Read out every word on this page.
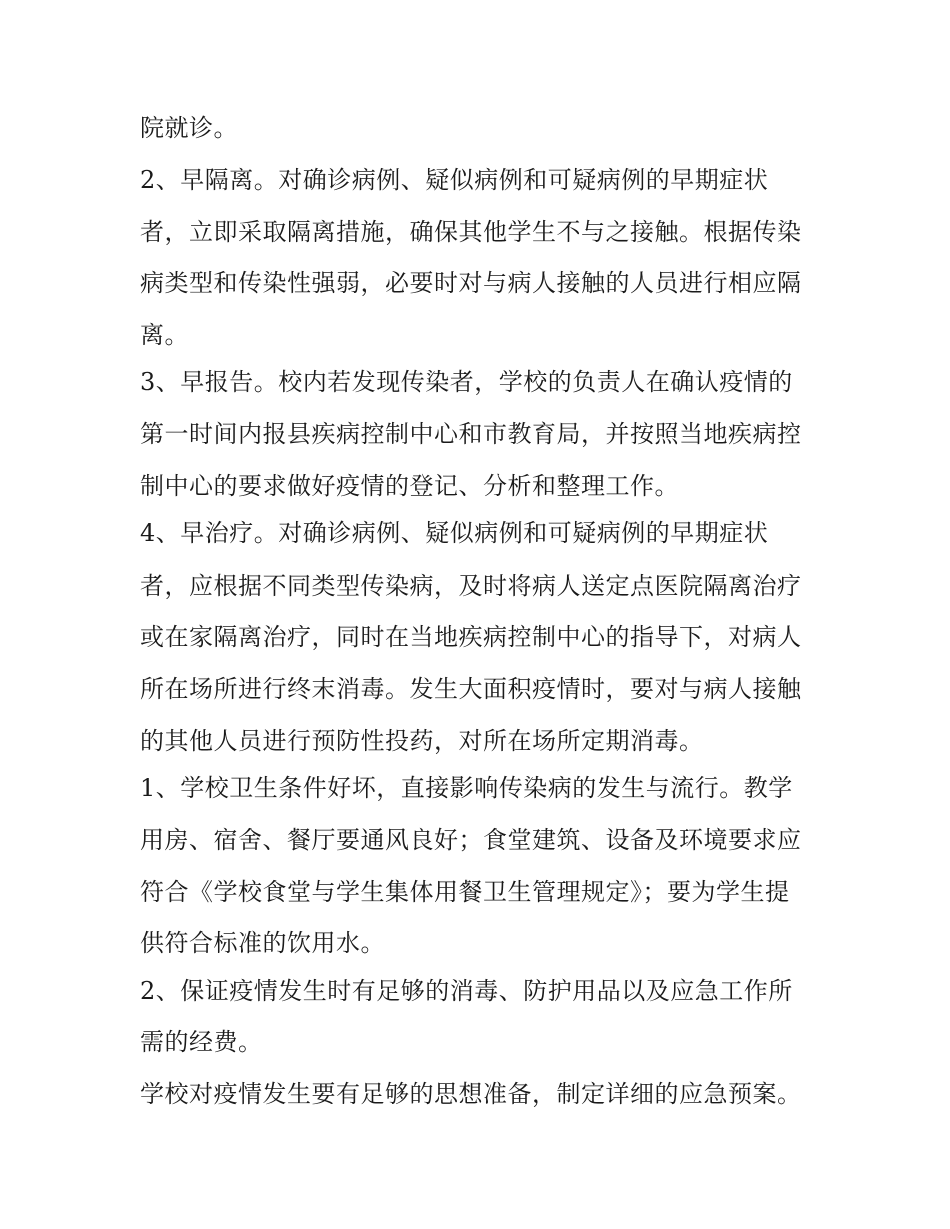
院就诊。

2、早隔离。对确诊病例、疑似病例和可疑病例的早期症状

者，立即采取隔离措施，确保其他学生不与之接触。根据传染

病类型和传染性强弱，必要时对与病人接触的人员进行相应隔

离。

3、早报告。校内若发现传染者，学校的负责人在确认疫情的

第一时间内报县疾病控制中心和市教育局，并按照当地疾病控

制中心的要求做好疫情的登记、分析和整理工作。

4、早治疗。对确诊病例、疑似病例和可疑病例的早期症状

者，应根据不同类型传染病，及时将病人送定点医院隔离治疗

或在家隔离治疗，同时在当地疾病控制中心的指导下，对病人

所在场所进行终末消毒。发生大面积疫情时，要对与病人接触

的其他人员进行预防性投药，对所在场所定期消毒。

1、学校卫生条件好坏，直接影响传染病的发生与流行。教学

用房、宿舍、餐厅要通风良好；食堂建筑、设备及环境要求应

符合《学校食堂与学生集体用餐卫生管理规定》；要为学生提

供符合标准的饮用水。

2、保证疫情发生时有足够的消毒、防护用品以及应急工作所

需的经费。

学校对疫情发生要有足够的思想准备，制定详细的应急预案。
